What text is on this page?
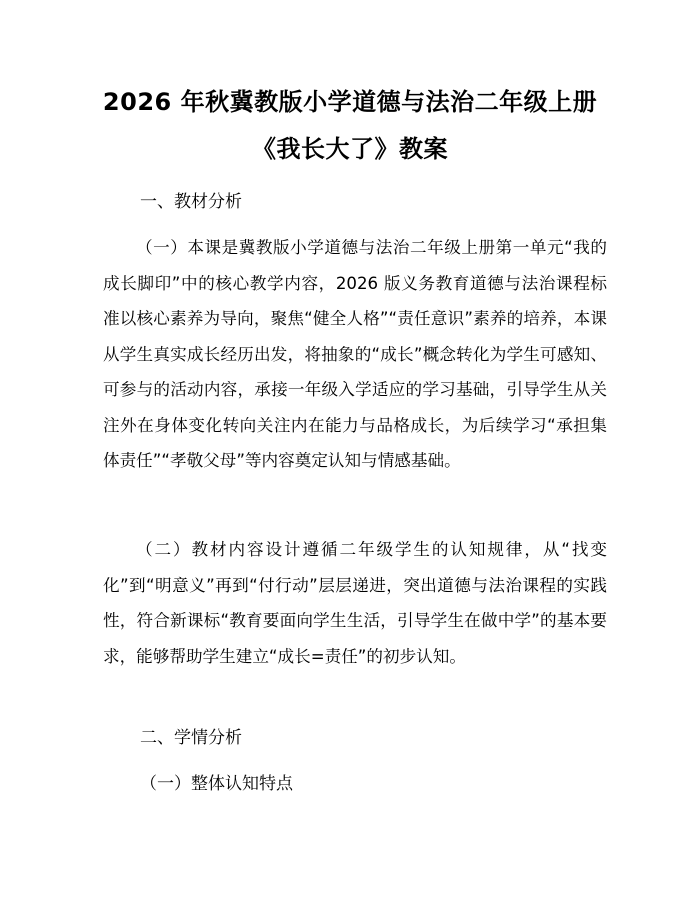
2026 年秋冀教版小学道德与法治二年级上册
《我长大了》教案
一、教材分析

（一）本课是冀教版小学道德与法治二年级上册第一单元“我的成长脚印”中的核心教学内容，2026 版义务教育道德与法治课程标准以核心素养为导向，聚焦“健全人格”“责任意识”素养的培养，本课从学生真实成长经历出发，将抽象的“成长”概念转化为学生可感知、可参与的活动内容，承接一年级入学适应的学习基础，引导学生从关注外在身体变化转向关注内在能力与品格成长，为后续学习“承担集体责任”“孝敬父母”等内容奠定认知与情感基础。

（二）教材内容设计遵循二年级学生的认知规律，从“找变化”到“明意义”再到“付行动”层层递进，突出道德与法治课程的实践性，符合新课标“教育要面向学生生活，引导学生在做中学”的基本要求，能够帮助学生建立“成长=责任”的初步认知。

二、学情分析
（一）整体认知特点
